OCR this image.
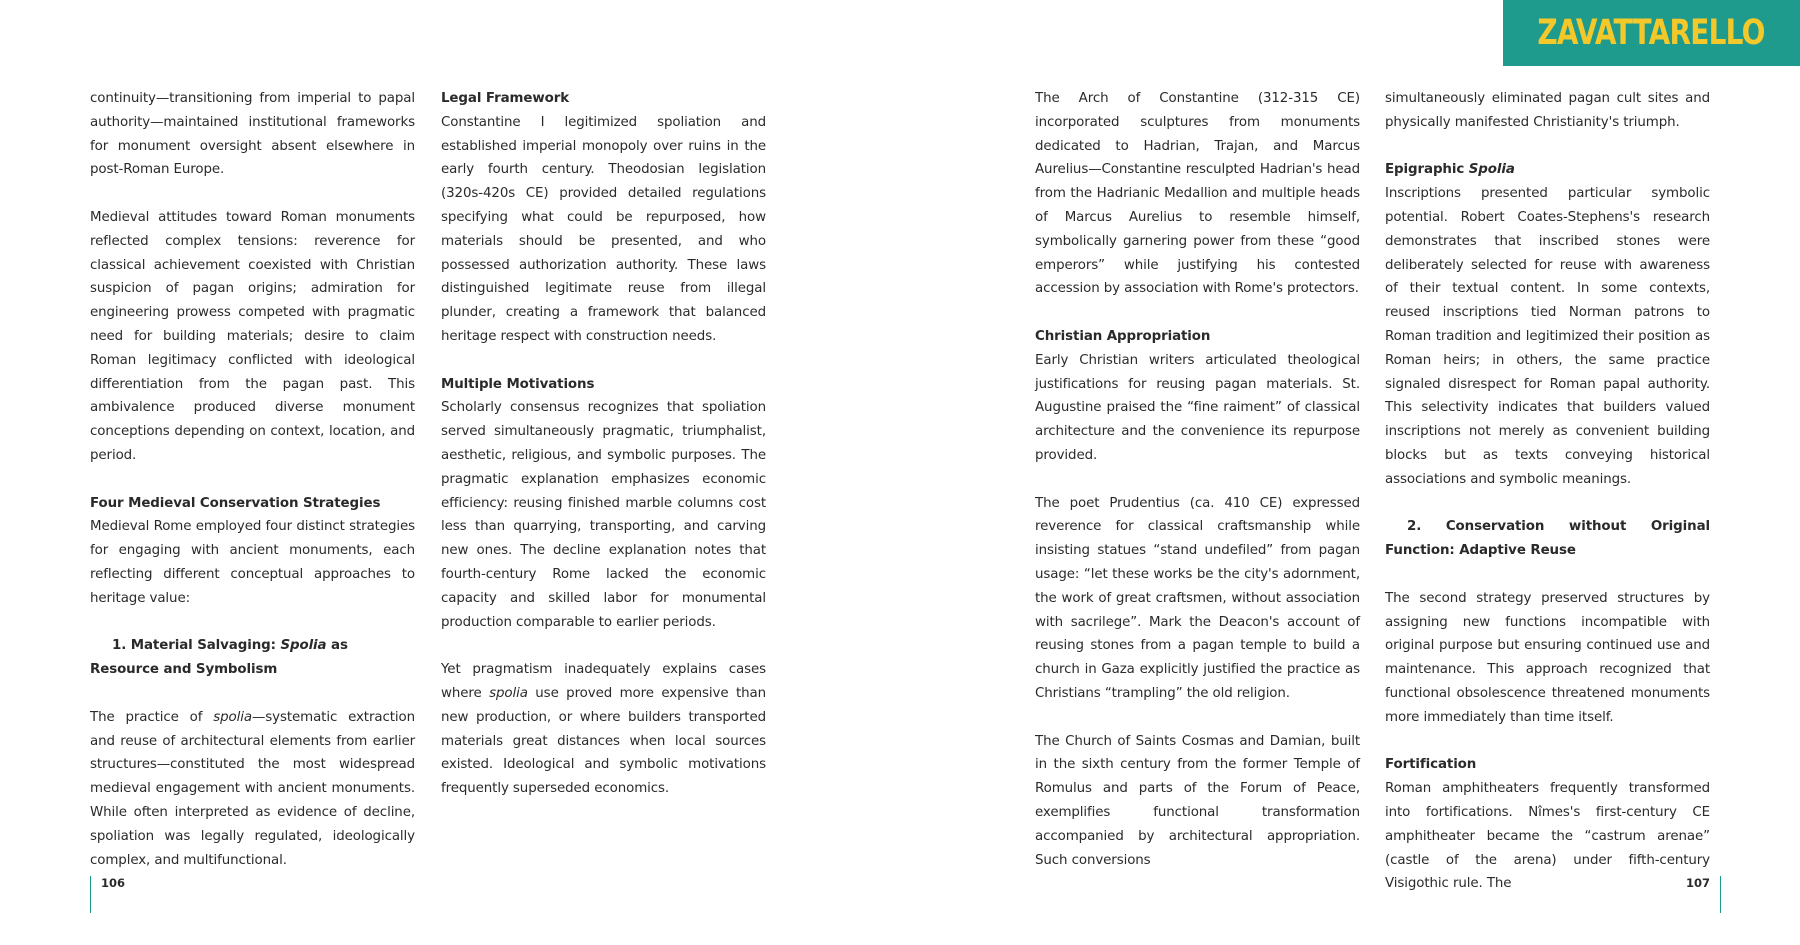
ZAVATTARELLO

continuity—transitioning from imperial to papal authority—maintained institutional frameworks for monument oversight absent elsewhere in post-Roman Europe.

Medieval attitudes toward Roman monuments reflected complex tensions: reverence for classical achievement coexisted with Christian suspicion of pagan origins; admiration for engineering prowess competed with pragmatic need for building materials; desire to claim Roman legitimacy conflicted with ideological differentiation from the pagan past. This ambivalence produced diverse monument conceptions depending on context, location, and period.

Four Medieval Conservation Strategies
Medieval Rome employed four distinct strategies for engaging with ancient monuments, each reflecting different conceptual approaches to heritage value:

1. Material Salvaging: Spolia as Resource and Symbolism

The practice of spolia—systematic extraction and reuse of architectural elements from earlier structures—constituted the most widespread medieval engagement with ancient monuments. While often interpreted as evidence of decline, spoliation was legally regulated, ideologically complex, and multifunctional.

Legal Framework
Constantine I legitimized spoliation and established imperial monopoly over ruins in the early fourth century. Theodosian legislation (320s-420s CE) provided detailed regulations specifying what could be repurposed, how materials should be presented, and who possessed authorization authority. These laws distinguished legitimate reuse from illegal plunder, creating a framework that balanced heritage respect with construction needs.

Multiple Motivations
Scholarly consensus recognizes that spoliation served simultaneously pragmatic, triumphalist, aesthetic, religious, and symbolic purposes. The pragmatic explanation emphasizes economic efficiency: reusing finished marble columns cost less than quarrying, transporting, and carving new ones. The decline explanation notes that fourth-century Rome lacked the economic capacity and skilled labor for monumental production comparable to earlier periods.

Yet pragmatism inadequately explains cases where spolia use proved more expensive than new production, or where builders transported materials great distances when local sources existed. Ideological and symbolic motivations frequently superseded economics.

The Arch of Constantine (312-315 CE) incorporated sculptures from monuments dedicated to Hadrian, Trajan, and Marcus Aurelius—Constantine resculpted Hadrian's head from the Hadrianic Medallion and multiple heads of Marcus Aurelius to resemble himself, symbolically garnering power from these “good emperors” while justifying his contested accession by association with Rome's protectors.

Christian Appropriation
Early Christian writers articulated theological justifications for reusing pagan materials. St. Augustine praised the “fine raiment” of classical architecture and the convenience its repurpose provided.

The poet Prudentius (ca. 410 CE) expressed reverence for classical craftsmanship while insisting statues “stand undefiled” from pagan usage: “let these works be the city's adornment, the work of great craftsmen, without association with sacrilege”. Mark the Deacon's account of reusing stones from a pagan temple to build a church in Gaza explicitly justified the practice as Christians “trampling” the old religion.

The Church of Saints Cosmas and Damian, built in the sixth century from the former Temple of Romulus and parts of the Forum of Peace, exemplifies functional transformation accompanied by architectural appropriation. Such conversions

simultaneously eliminated pagan cult sites and physically manifested Christianity's triumph.

Epigraphic Spolia
Inscriptions presented particular symbolic potential. Robert Coates-Stephens's research demonstrates that inscribed stones were deliberately selected for reuse with awareness of their textual content. In some contexts, reused inscriptions tied Norman patrons to Roman tradition and legitimized their position as Roman heirs; in others, the same practice signaled disrespect for Roman papal authority. This selectivity indicates that builders valued inscriptions not merely as convenient building blocks but as texts conveying historical associations and symbolic meanings.

2. Conservation without Original Function: Adaptive Reuse

The second strategy preserved structures by assigning new functions incompatible with original purpose but ensuring continued use and maintenance. This approach recognized that functional obsolescence threatened monuments more immediately than time itself.

Fortification
Roman amphitheaters frequently transformed into fortifications. Nîmes's first-century CE amphitheater became the “castrum arenae” (castle of the arena) under fifth-century Visigothic rule. The

106	107
